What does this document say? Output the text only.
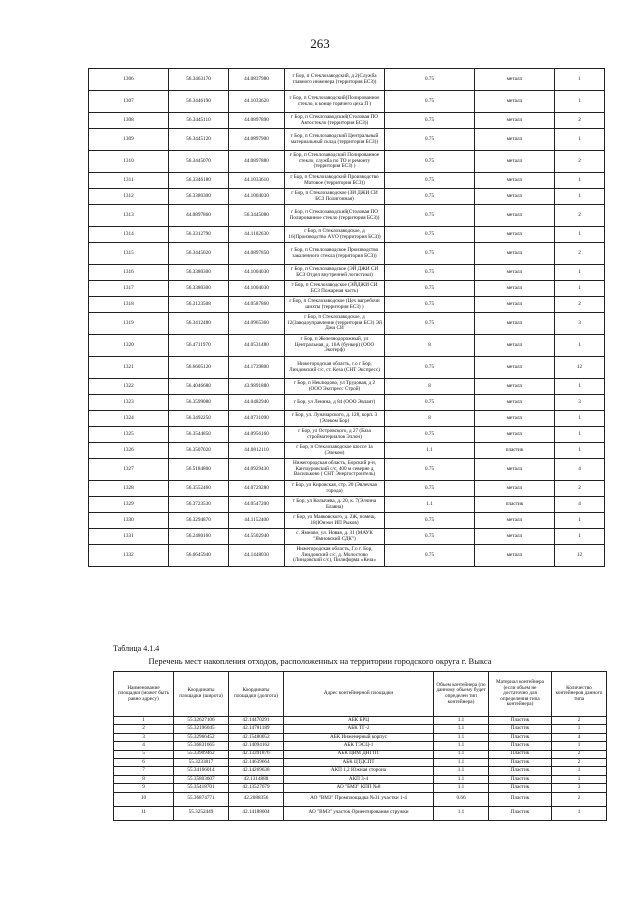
263
1306	56.3463170	44.0837980	г Бор, п Стеклозаводский, д 2(Служба главного инженера (территория БСЗ))	0.75	металл	1
1307	56.3446190	44.1033620	г Бор, п Стеклозаводский(Полированное стекло, к конце горячего цеха П )	0.75	металл	1
1308	56.3445110	44.0897890	г Бор, п Стеклозаводский(Столовая ПО Автостекло (территория БСЗ))	0.75	металл	2
1309	56.3445120	44.0897900	г Бор, п Стеклозаводский Центральный материальный склад (территория БСЗ))	0.75	металл	1
1310	56.3445070	44.0897880	г Бор, п Стеклозаводский Полированное стекло, служба по ТО и ремонту (территория БСЗ) )	0.75	металл	2
1311	56.3346180	44.1033610	г Бор, п Стеклозаводский Производство Матовое (территория БСЗ))	0.75	металл	1
1312	56.3380300	44.1004030	г Бор, п Стеклозаводское (ЗИ ДЖИ СИ БСЗ Полигонная)	0.75	металл	1
1313	44.0897860	56.3445080	г Бор, п Стеклозаводский(Столовая ПО Полированное стекло (территория БСЗ))	0.75	металл	2
1314	56.3312790	44.1102630	г Бор, п Стеклозаводское, д 16(Производство АVО (территория БСЗ))	0.75	металл	1
1315	56.3445020	44.0897850	г Бор, п Стеклозаводское Производство закаленного стекла (территория БСЗ))	0.75	металл	2
1316	56.3380300	44.1004030	г Бор, п Стеклозаводское (ЭЙ ДЖИ СИ БСЗ Отдел внутренней логистики)	0.75	металл	1
1317	56.3380300	44.1004030	г Бор, п Стеклозаводское (ЭЙДЖИ СИ БСЗ Пожарная часть)	0.75	металл	1
1318	56.3123508	44.0587860	г Бор, п Стеклозаводское (Цех вагребочи шихты (территория БСЗ) )	0.75	металл	2
1319	56.3412480	44.0965360	г Бор, п Стеклозаводское, д 12(Заводоуправление (территория БСЗ) Эй Джи СИ	0.75	металл	3
1320	56.4711970	44.0531480	г Бор, п Железнодорожный, ул Центральная, д. 16А (бункер) (ООО Экотерф)	8	металл	1
1321	56.6605120	44.1739800	Нижегородская область, г.о г Бор, Линдовский с/с, ст. Кеза (СНТ Экспресс)	0.75	металл	12
1322	56.4046680	43.9891880	г Бор, п Неклюдово, ул Трудовая, д 2 (ООО Экспресс Строй)	8	металл	1
1323	56.3599080	44.0482940	г Бор, ул Ленина, д 84 (ООО Эвлант)	0.75	металл	3
1324	56.3492250	44.0731090	г Бор, ул. Луначарского, д. 128, корп. 3 (Элеком Бор)	8	металл	1
1325	56.3544850	44.0956160	г Бор, ул Островского, д 27 (База стройматериалов Эллон)	0.75	металл	1
1326	56.3507020	44.0812110	г Бор, п Стеклозаводское шоссе 1а (Элеком)	1.1	пластик	1
1327	56.5184800	44.0929430	Нижегородская область, Борский р-н, Кантауровский с/с, 400 м северне д Васильково ( СНТ Энергостроитель)	0.75	металл	4
1328	56.3552460	44.0729280	г Бор, ул Кировская, стр. 20 (Эвлеччая города)	0.75	металл	2
1329	56.3723530	44.0547200	г Бор, ул Колычева, д. 20, к. 7(Элчина Блавна)	1.1	пластик	4
1330	56.3294870	44.1152400	г Бор, ул Маяковского, д. 2Ж, помещ. 18(Юнэон ИП Рыков)	0.75	металл	1
1331	56.2480160	44.5502940	с. Ямново, ул. Новая, д. 31 (МАУК "Ямновский СДК")	0.75	металл	1
1332	56.6645940	44.1448030	Нижегородская область, Г.о г. Бор, Линдовский с/с, д. Молостово (Линдовский с/с), Пилиформа «Кеза»	0.75	металл	12
Таблица 4.1.4
Перечень мест накопления отходов, расположенных на территории городского округа г. Выкса
Наименование площадки (может быть равно адресу)	Координаты площадки (широта)	Координаты площадки (долгота)	Адрес контейнерной площадки	Объем контейнера (по данному объему будет определен тип контейнера)	Материал контейнера (если объем не достаточно для определения типа контейнера)	Количество контейнеров данного типа
1	55.32627106	42.14470291	АБК БРЦ	1.1	Пластик	2
2	55.32196045	42.14781189	АБК ТГ-2	1.1	Пластик	1
3	55.32966452	42.15480052	АБК Инженерный корпус	1.1	Пластик	4
4	55.36831665	42.14094162	АБК ТЭСЦ-1	1.1	Пластик	1
5	55.33909462	42.13391876	АБК ЦВМ ДНГПТ	1.1	Пластик	2
6	55.3233817	42.14639664	АБК ЦТДСПТ	1.1	Пластик	2
7	55.34166014	42.14269638	АКП 1,2 Южная сторона	1.1	Пластик	1
8	55.35803607	42.1314888	АКП 3-4	1.1	Пластик	1
9	55.35418701	42.13527679	АО "БМЗ" КПП №8	1.1	Пластик	3
10	55.36874771	42.2088356	АО "ВМЗ" Промплощадка №31 участки 1-4	0.66	Пластик	2
11	55.3252449	42.14188004	АО "ВМЗ" участок Ориентирования стружки	1.1	Пластик	1
